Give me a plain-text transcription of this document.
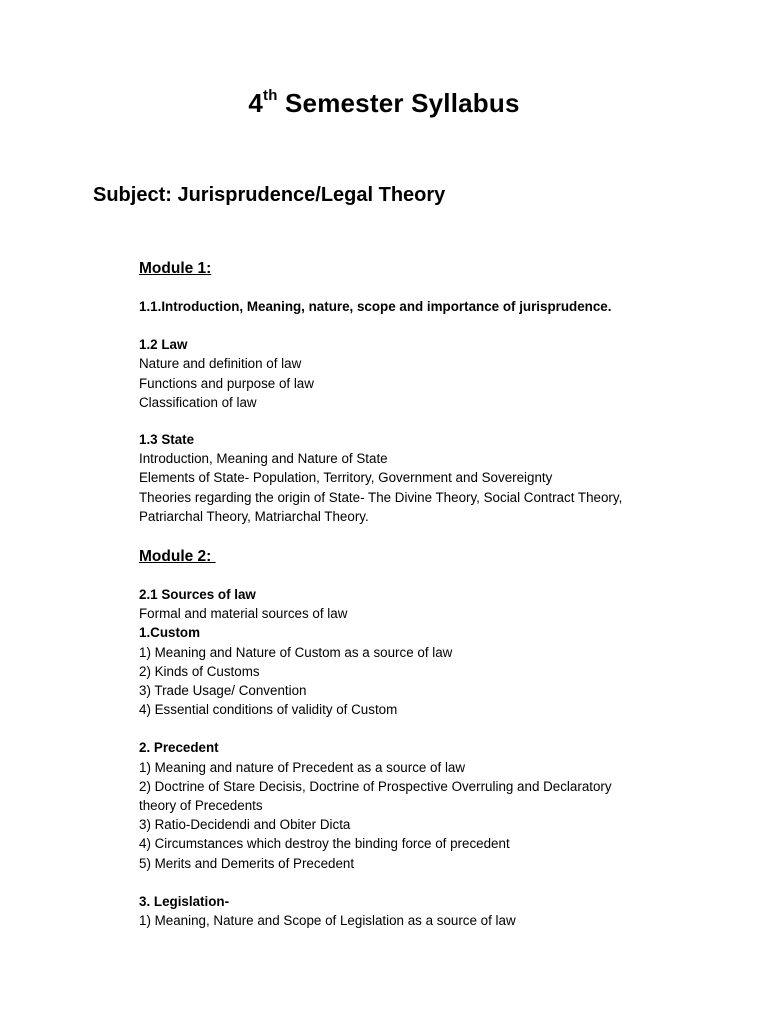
4th Semester Syllabus
Subject: Jurisprudence/Legal Theory
Module 1:
1.1.Introduction, Meaning, nature, scope and importance of jurisprudence.
1.2 Law
Nature and definition of law
Functions and purpose of law
Classification of law
1.3 State
Introduction, Meaning and Nature of State
Elements of State- Population, Territory, Government and Sovereignty
Theories regarding the origin of State- The Divine Theory, Social Contract Theory,
Patriarchal Theory, Matriarchal Theory.
Module 2:
2.1 Sources of law
Formal and material sources of law
1.Custom
1) Meaning and Nature of Custom as a source of law
2) Kinds of Customs
3) Trade Usage/ Convention
4) Essential conditions of validity of Custom
2. Precedent
1) Meaning and nature of Precedent as a source of law
2) Doctrine of Stare Decisis, Doctrine of Prospective Overruling and Declaratory
theory of Precedents
3) Ratio-Decidendi and Obiter Dicta
4) Circumstances which destroy the binding force of precedent
5) Merits and Demerits of Precedent
3. Legislation-
1) Meaning, Nature and Scope of Legislation as a source of law
